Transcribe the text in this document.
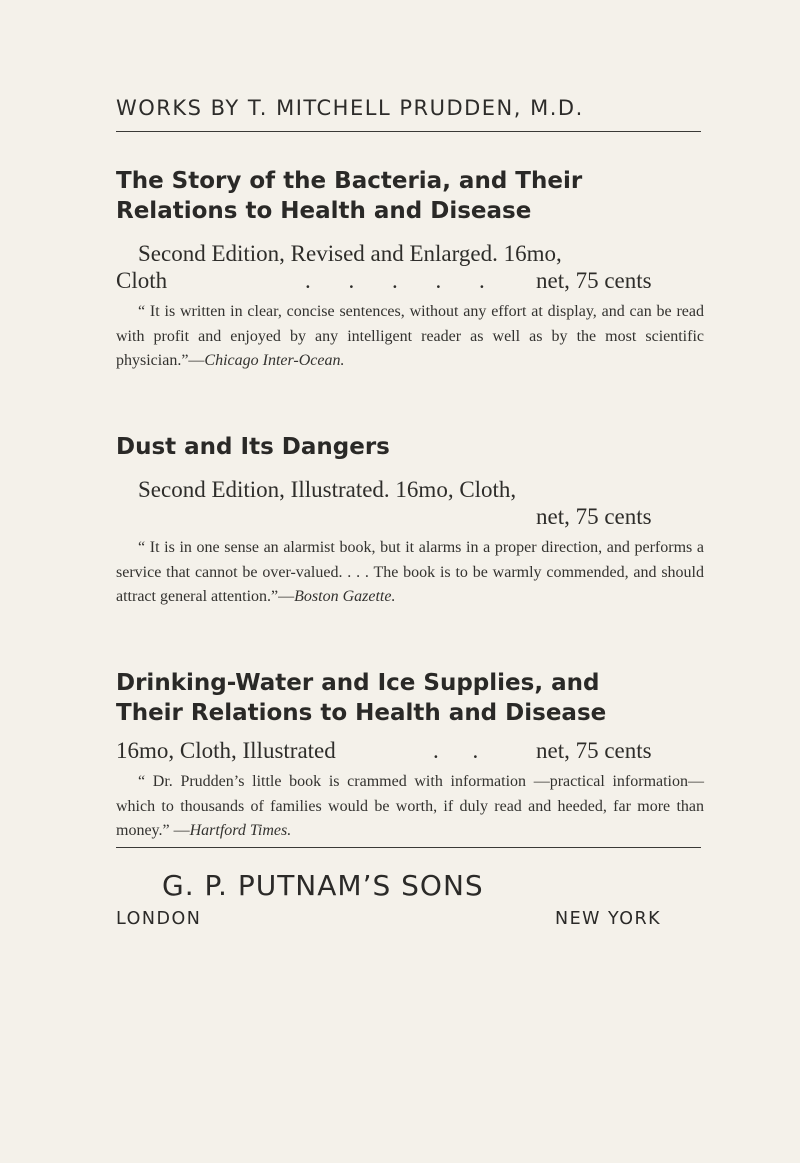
WORKS BY T. MITCHELL PRUDDEN, M.D.
The Story of the Bacteria, and Their
Relations to Health and Disease
Second Edition, Revised and Enlarged. 16mo,
Cloth	. . . . . net, 75 cents
“ It is written in clear, concise sentences, without any effort at display, and can be read with profit and enjoyed by any intelligent reader as well as by the most scientific physician.”—Chicago Inter-Ocean.
Dust and Its Dangers
Second Edition, Illustrated. 16mo, Cloth,
net, 75 cents
“ It is in one sense an alarmist book, but it alarms in a proper direction, and performs a service that cannot be over-valued. . . . The book is to be warmly commended, and should attract general attention.”—Boston Gazette.
Drinking-Water and Ice Supplies, and
Their Relations to Health and Disease
16mo, Cloth, Illustrated	. . net, 75 cents
“ Dr. Prudden’s little book is crammed with information —practical information—which to thousands of families would be worth, if duly read and heeded, far more than money.” —Hartford Times.
G. P. PUTNAM’S SONS
LONDON	NEW YORK
